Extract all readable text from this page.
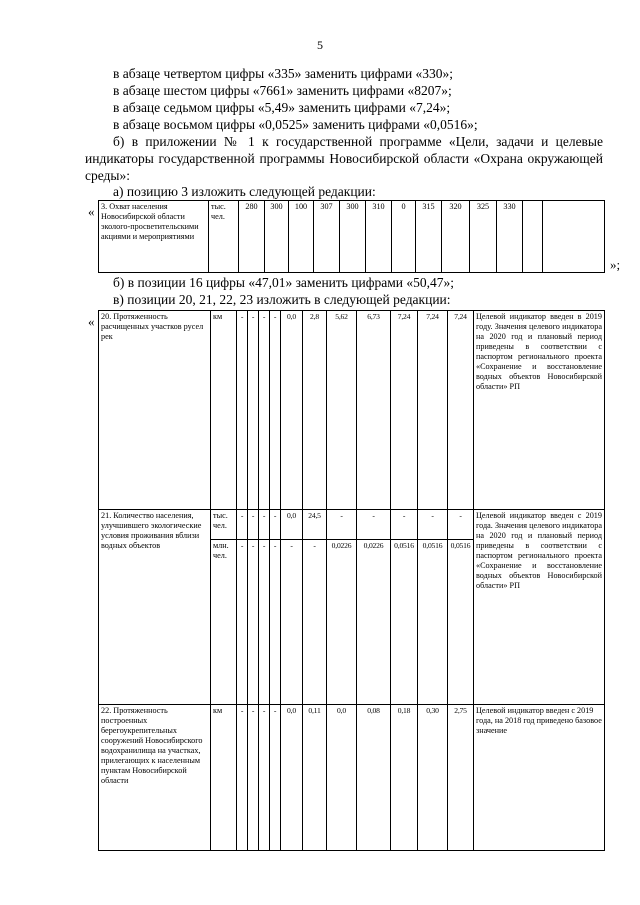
5
в абзаце четвертом цифры «335» заменить цифрами «330»;
в абзаце шестом цифры «7661» заменить цифрами «8207»;
в абзаце седьмом цифры «5,49» заменить цифрами «7,24»;
в абзаце восьмом цифры «0,0525» заменить цифрами «0,0516»;
б) в приложении № 1 к государственной программе «Цели, задачи и целевые индикаторы государственной программы Новосибирской области «Охрана окружающей среды»:
а) позицию 3 изложить следующей редакции:
« 3. Охват населения Новосибирской области эколого-просветительскими акциями и мероприятиями	тыс. чел.	280	300	100	307	300	310	0	315	320	325	330		
»;
б) в позиции 16 цифры «47,01» заменить цифрами «50,47»;
в) позиции 20, 21, 22, 23 изложить в следующей редакции:
« 20. Протяженность расчищенных участков русел рек	км	-	-	-	-	0,0	2,8	5,62	6,73	7,24	7,24	7,24	Целевой индикатор введен в 2019 году. Значения целевого индикатора на 2020 год и плановый период приведены в соответствии с паспортом регионального проекта «Сохранение и восстановление водных объектов Новосибирской области» РП
21. Количество населения, улучшившего экологические условия проживания вблизи водных объектов	тыс. чел.	-	-	-	-	0,0	24,5	-	-	-	-	-	Целевой индикатор введен с 2019 года. Значения целевого индикатора на 2020 год и плановый период приведены в соответствии с паспортом регионального проекта «Сохранение и восстановление водных объектов Новосибирской области» РП
	млн. чел.	-	-	-	-	-	-	0,0226	0,0226	0,0516	0,0516	0,0516	
22. Протяженность построенных берегоукрепительных сооружений Новосибирского водохранилища на участках, прилегающих к населенным пунктам Новосибирской области	км	-	-	-	-	0,0	0,11	0,0	0,08	0,18	0,30	2,75	Целевой индикатор введен с 2019 года, на 2018 год приведено базовое значение
